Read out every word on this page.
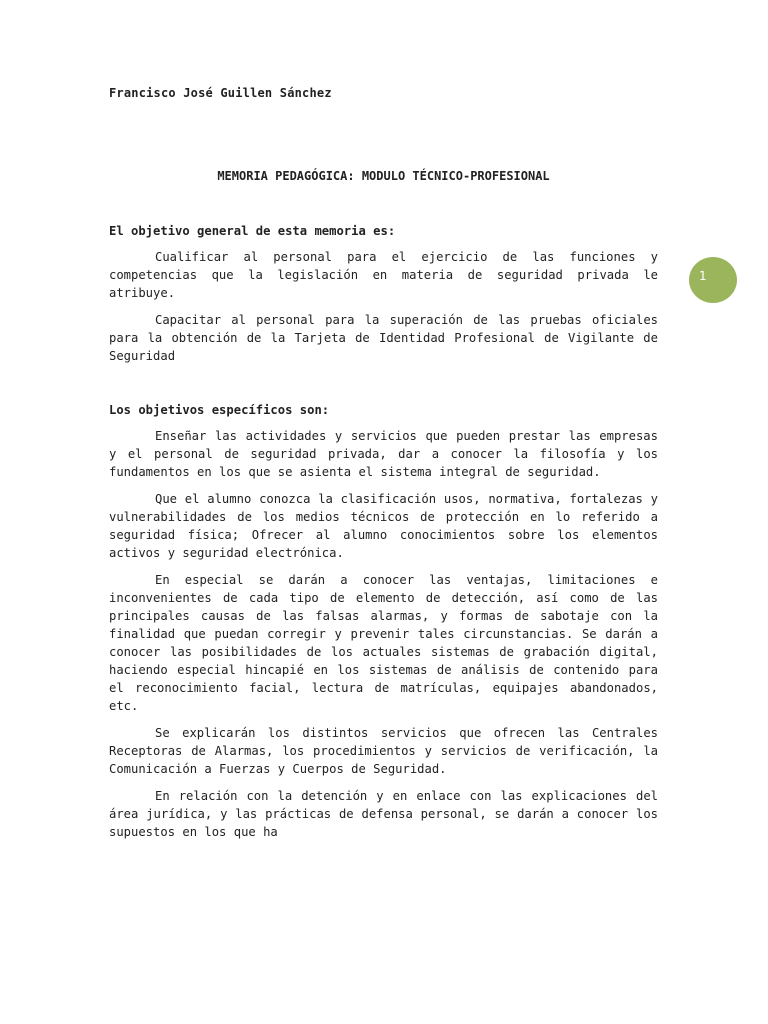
Francisco José Guillen Sánchez
MEMORIA PEDAGÓGICA: MODULO TÉCNICO-PROFESIONAL

El objetivo general de esta memoria es:

Cualificar al personal para el ejercicio de las funciones y competencias que la legislación en materia de seguridad privada le atribuye.

Capacitar al personal para la superación de las pruebas oficiales para la obtención de la Tarjeta de Identidad Profesional de Vigilante de Seguridad

Los objetivos específicos son:

Enseñar las actividades y servicios que pueden prestar las empresas y el personal de seguridad privada, dar a conocer la filosofía y los fundamentos en los que se asienta el sistema integral de seguridad.

Que el alumno conozca la clasificación usos, normativa, fortalezas y vulnerabilidades de los medios técnicos de protección en lo referido a seguridad física; Ofrecer al alumno conocimientos sobre los elementos activos y seguridad electrónica.

En especial se darán a conocer las ventajas, limitaciones e inconvenientes de cada tipo de elemento de detección, así como de las principales causas de las falsas alarmas, y formas de sabotaje con la finalidad que puedan corregir y prevenir tales circunstancias. Se darán a conocer las posibilidades de los actuales sistemas de grabación digital, haciendo especial hincapié en los sistemas de análisis de contenido para el reconocimiento facial, lectura de matrículas, equipajes abandonados, etc.

Se explicarán los distintos servicios que ofrecen las Centrales Receptoras de Alarmas, los procedimientos y servicios de verificación, la Comunicación a Fuerzas y Cuerpos de Seguridad.

En relación con la detención y en enlace con las explicaciones del área jurídica, y las prácticas de defensa personal, se darán a conocer los supuestos en los que ha

1
